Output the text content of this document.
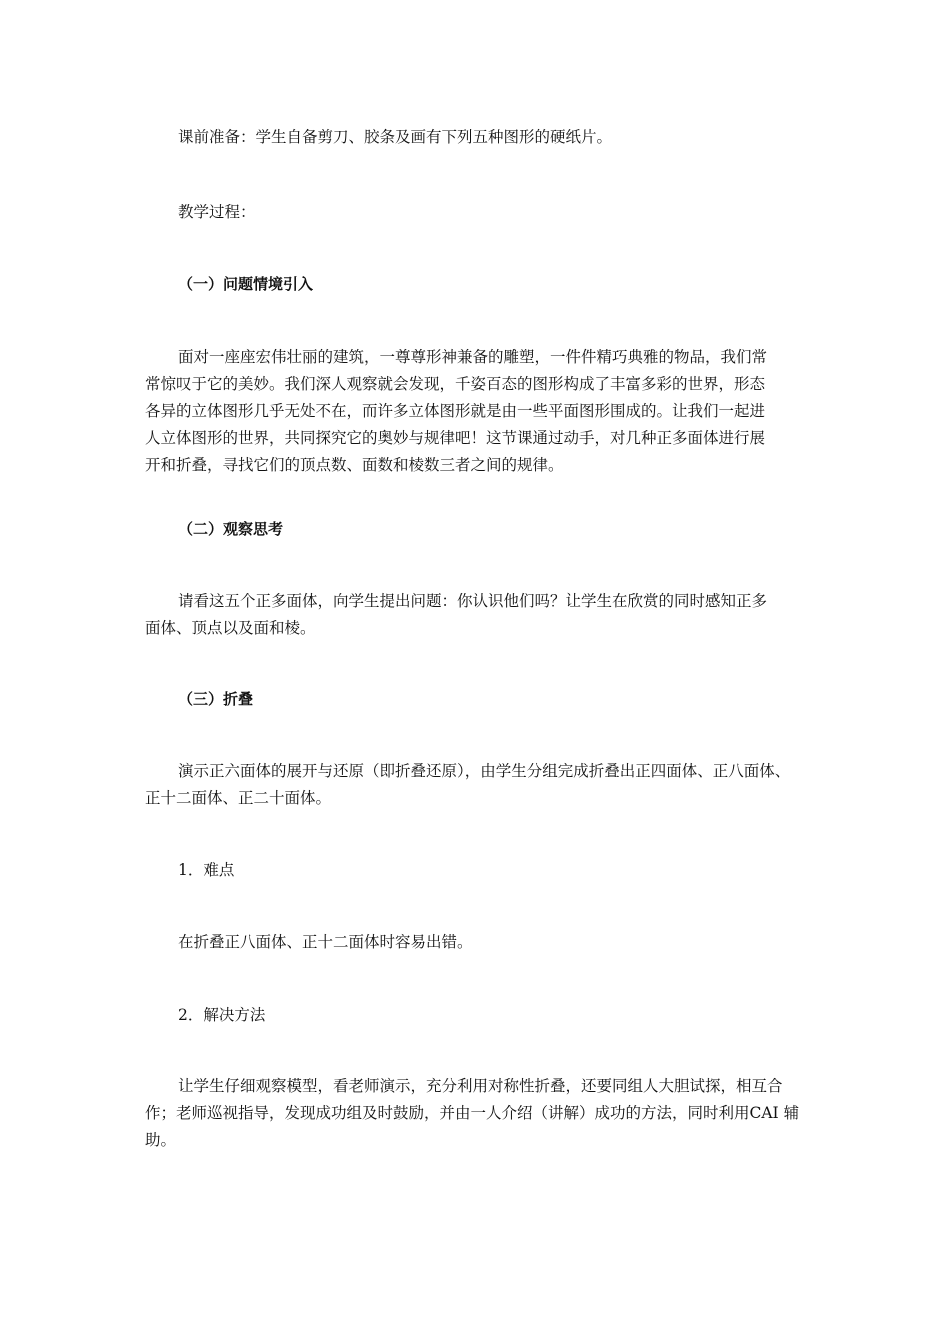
课前准备：学生自备剪刀、胶条及画有下列五种图形的硬纸片。
教学过程：
（一）问题情境引入
面对一座座宏伟壮丽的建筑，一尊尊形神兼备的雕塑，一件件精巧典雅的物品，我们常
常惊叹于它的美妙。我们深人观察就会发现，千姿百态的图形构成了丰富多彩的世界，形态
各异的立体图形几乎无处不在，而许多立体图形就是由一些平面图形围成的。让我们一起进
人立体图形的世界，共同探究它的奥妙与规律吧！这节课通过动手，对几种正多面体进行展
开和折叠，寻找它们的顶点数、面数和棱数三者之间的规律。
（二）观察思考
请看这五个正多面体，向学生提出问题：你认识他们吗？让学生在欣赏的同时感知正多
面体、顶点以及面和棱。
（三）折叠
演示正六面体的展开与还原（即折叠还原），由学生分组完成折叠出正四面体、正八面体、
正十二面体、正二十面体。
1．难点
在折叠正八面体、正十二面体时容易出错。
2．解决方法
让学生仔细观察模型，看老师演示，充分利用对称性折叠，还要同组人大胆试探，相互合
作；老师巡视指导，发现成功组及时鼓励，并由一人介绍（讲解）成功的方法，同时利用CAI 辅
助。
